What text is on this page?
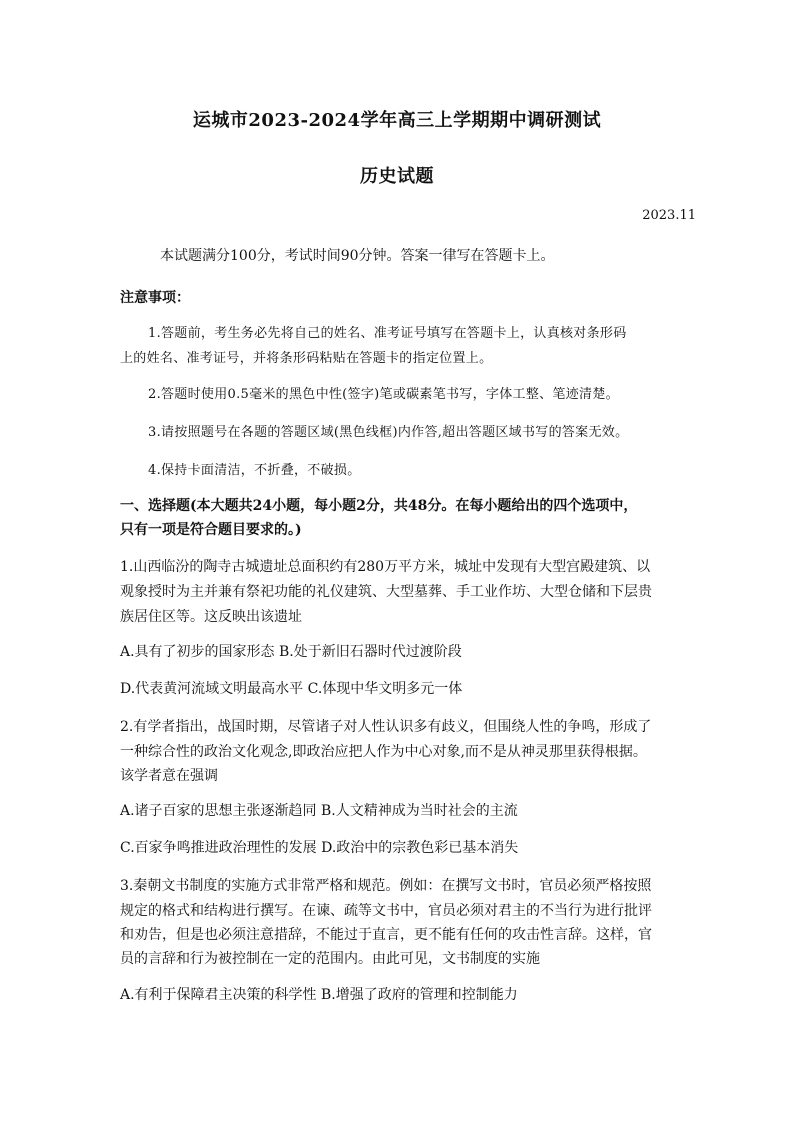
运城市2023-2024学年高三上学期期中调研测试
历史试题
2023.11
本试题满分100分，考试时间90分钟。答案一律写在答题卡上。
注意事项：
1.答题前，考生务必先将自己的姓名、准考证号填写在答题卡上，认真核对条形码
上的姓名、准考证号，并将条形码粘贴在答题卡的指定位置上。
2.答题时使用0.5毫米的黑色中性(签字)笔或碳素笔书写，字体工整、笔迹清楚。
3.请按照题号在各题的答题区域(黑色线框)内作答,超出答题区域书写的答案无效。
4.保持卡面清洁，不折叠，不破损。
一、选择题(本大题共24小题，每小题2分，共48分。在每小题给出的四个选项中，
只有一项是符合题目要求的。)
1.山西临汾的陶寺古城遗址总面积约有280万平方米，城址中发现有大型宫殿建筑、以
观象授时为主并兼有祭祀功能的礼仪建筑、大型墓葬、手工业作坊、大型仓储和下层贵
族居住区等。这反映出该遗址
A.具有了初步的国家形态 B.处于新旧石器时代过渡阶段
D.代表黄河流域文明最高水平 C.体现中华文明多元一体
2.有学者指出，战国时期，尽管诸子对人性认识多有歧义，但围绕人性的争鸣，形成了
一种综合性的政治文化观念,即政治应把人作为中心对象,而不是从神灵那里获得根据。
该学者意在强调
A.诸子百家的思想主张逐渐趋同 B.人文精神成为当时社会的主流
C.百家争鸣推进政治理性的发展 D.政治中的宗教色彩已基本消失
3.秦朝文书制度的实施方式非常严格和规范。例如：在撰写文书时，官员必须严格按照
规定的格式和结构进行撰写。在谏、疏等文书中，官员必须对君主的不当行为进行批评
和劝告，但是也必须注意措辞，不能过于直言，更不能有任何的攻击性言辞。这样，官
员的言辞和行为被控制在一定的范围内。由此可见，文书制度的实施
A.有利于保障君主决策的科学性 B.增强了政府的管理和控制能力
